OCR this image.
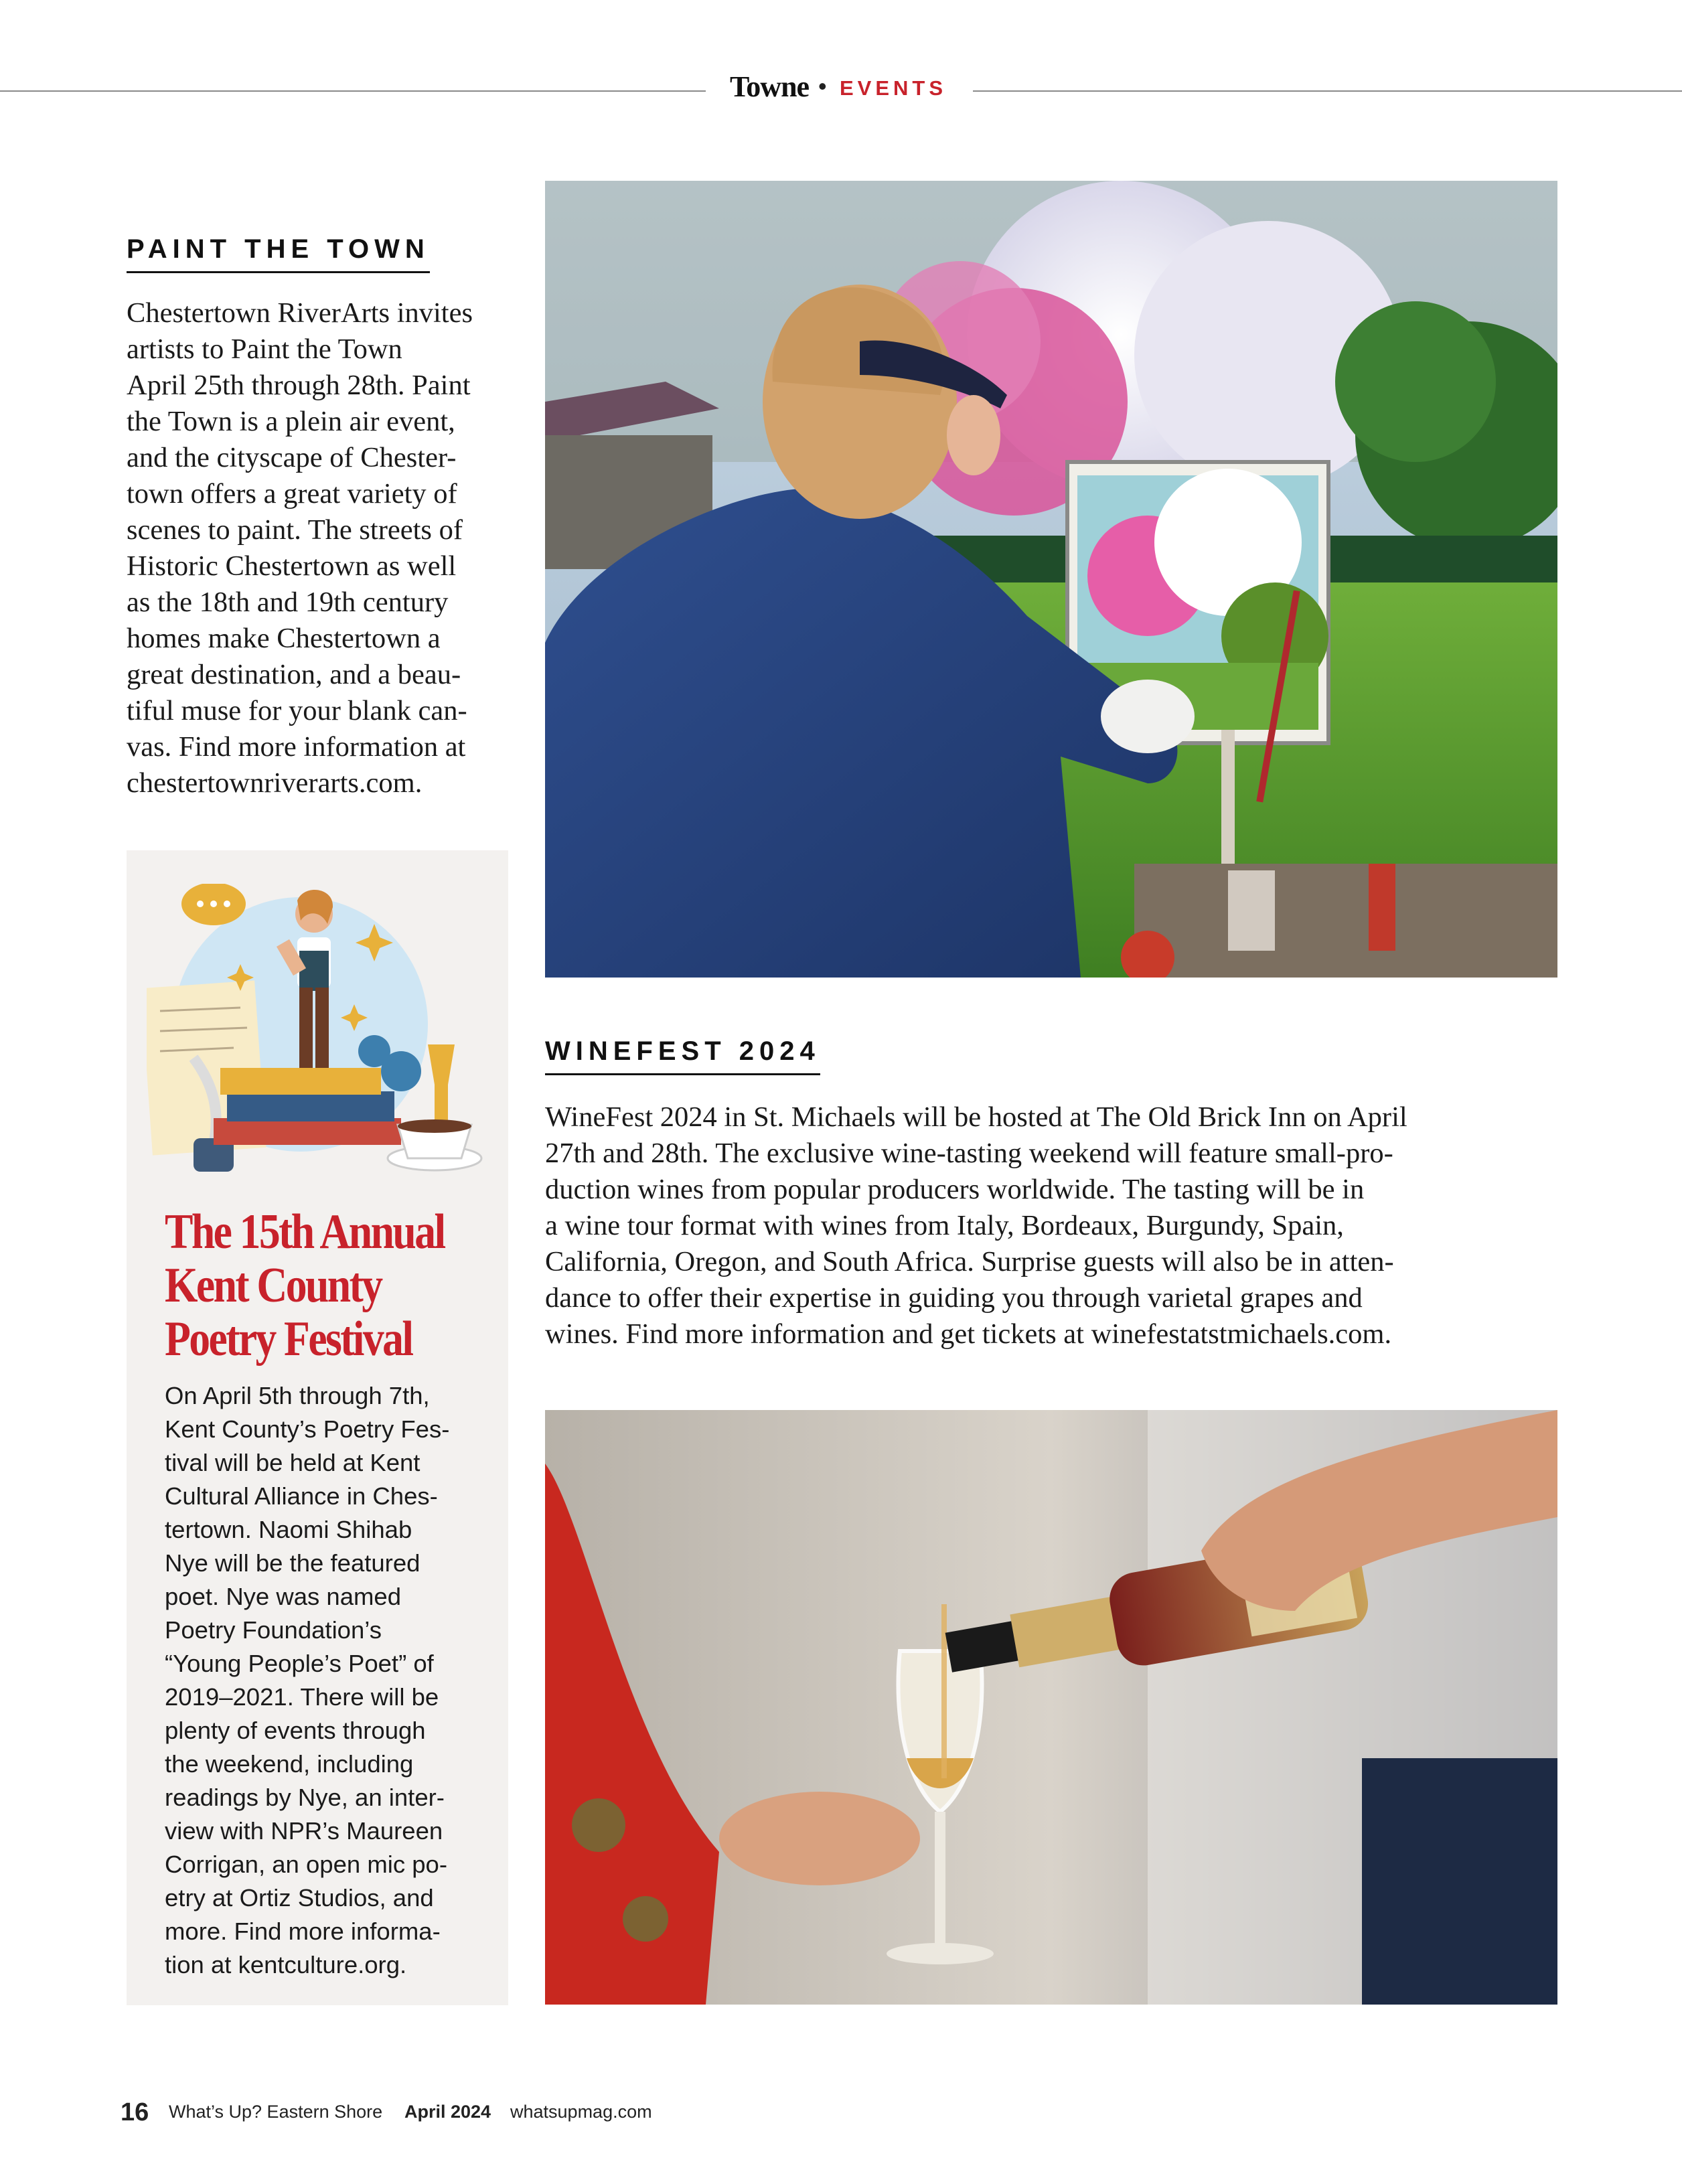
Towne • EVENTS
PAINT THE TOWN
Chestertown RiverArts invites
artists to Paint the Town
April 25th through 28th. Paint
the Town is a plein air event,
and the cityscape of Chester-
town offers a great variety of
scenes to paint. The streets of
Historic Chestertown as well
as the 18th and 19th century
homes make Chestertown a
great destination, and a beau-
tiful muse for your blank can-
vas. Find more information at
chestertownriverarts.com.
The 15th Annual
Kent County
Poetry Festival
On April 5th through 7th,
Kent County’s Poetry Fes-
tival will be held at Kent
Cultural Alliance in Ches-
tertown. Naomi Shihab
Nye will be the featured
poet. Nye was named
Poetry Foundation’s
“Young People’s Poet” of
2019–2021. There will be
plenty of events through
the weekend, including
readings by Nye, an inter-
view with NPR’s Maureen
Corrigan, an open mic po-
etry at Ortiz Studios, and
more. Find more informa-
tion at kentculture.org.
WINEFEST 2024
WineFest 2024 in St. Michaels will be hosted at The Old Brick Inn on April
27th and 28th. The exclusive wine-tasting weekend will feature small-pro-
duction wines from popular producers worldwide. The tasting will be in
a wine tour format with wines from Italy, Bordeaux, Burgundy, Spain,
California, Oregon, and South Africa. Surprise guests will also be in atten-
dance to offer their expertise in guiding you through varietal grapes and
wines. Find more information and get tickets at winefestatstmichaels.com.
16 What’s Up? Eastern Shore April 2024 whatsupmag.com
